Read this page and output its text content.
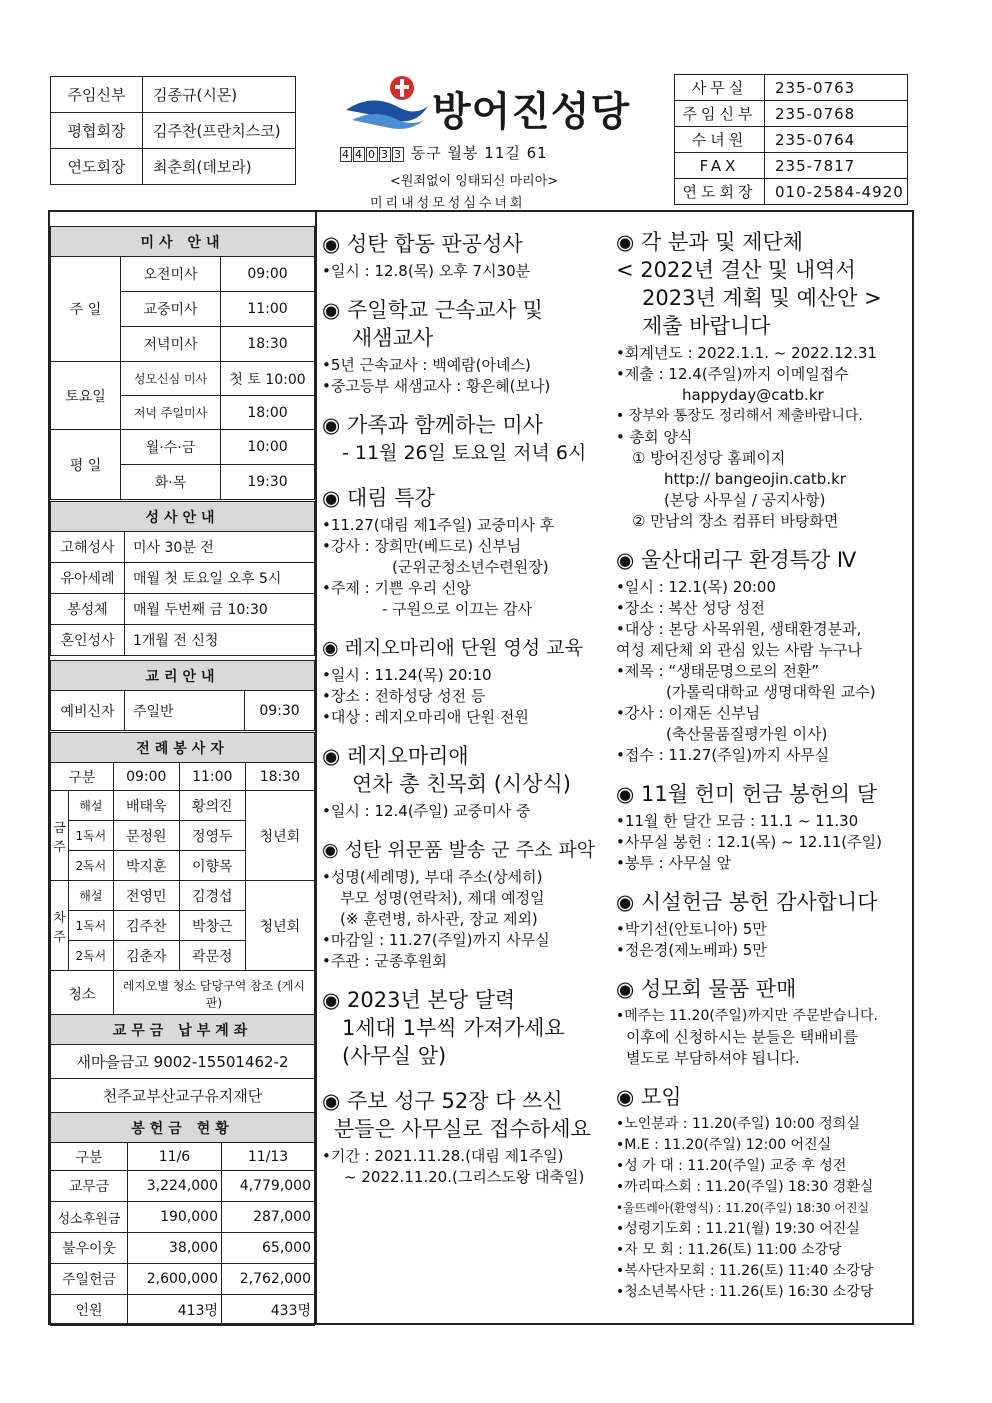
주임신부	김종규(시몬)
평협회장	김주찬(프란치스코)
연도회장	최춘희(데보라)
방어진성당
4 4 0 3 3 동구 월봉 11길 61
<원죄없이 잉태되신 마리아>
미리내성모성심수녀회
사무실	235-0763
주임신부	235-0768
수녀원	235-0764
FAX	235-7817
연도회장	010-2584-4920
미사 안내		
주 일	오전미사	09:00
	교중미사	11:00
	저녁미사	18:30
토요일	성모신심 미사	첫 토 10:00
	저녁 주일미사	18:00
평 일	월·수·금	10:00
	화·목	19:30
성사안내	
고해성사	미사 30분 전
유아세례	매월 첫 토요일 오후 5시
봉성체	매월 두번째 금 10:30
혼인성사	1개월 전 신청
교리안내
예비신자	주일반	09:30
전례봉사자				
구분		09:00	11:00	18:30
금주	해설	배태욱	황의진	청년회
	1독서	문정원	정영두	
	2독서	박지훈	이향목	
차주	해설	전영민	김경섭	청년회
	1독서	김주찬	박창근	
	2독서	김춘자	곽문정	
청소		레지오별 청소 담당구역 참조 (게시판)		
교무금 납부계좌
새마을금고 9002-15501462-2
천주교부산교구유지재단
봉헌금 현황		
구분	11/6	11/13
교무금	3,224,000	4,779,000
성소후원금	190,000	287,000
불우이웃	38,000	65,000
주일헌금	2,600,000	2,762,000
인원	413명	433명

◉ 성탄 합동 판공성사

•일시 : 12.8(목) 오후 7시30분

◉ 주일학교 근속교사 및

새샘교사

•5년 근속교사 : 백예람(아녜스)

•중고등부 새샘교사 : 황은혜(보나)

◉ 가족과 함께하는 미사

- 11월 26일 토요일 저녁 6시

◉ 대림 특강

•11.27(대림 제1주일) 교중미사 후

•강사 : 장희만(베드로) 신부님

(군위군청소년수련원장)

•주제 : 기쁜 우리 신앙

- 구원으로 이끄는 감사

◉ 레지오마리애 단원 영성 교육

•일시 : 11.24(목) 20:10

•장소 : 전하성당 성전 등

•대상 : 레지오마리애 단원 전원

◉ 레지오마리애

연차 총 친목회 (시상식)

•일시 : 12.4(주일) 교중미사 중

◉ 성탄 위문품 발송 군 주소 파악

•성명(세례명), 부대 주소(상세히)

부모 성명(연락처), 제대 예정일

(※ 훈련병, 하사관, 장교 제외)

•마감일 : 11.27(주일)까지 사무실

•주관 : 군종후원회

◉ 2023년 본당 달력

1세대 1부씩 가져가세요

(사무실 앞)

◉ 주보 성구 52장 다 쓰신

분들은 사무실로 접수하세요

•기간 : 2021.11.28.(대림 제1주일)

~ 2022.11.20.(그리스도왕 대축일)

◉ 각 분과 및 제단체

< 2022년 결산 및 내역서

2023년 계획 및 예산안 >

제출 바랍니다

•회계년도 : 2022.1.1. ~ 2022.12.31

•제출 : 12.4(주일)까지 이메일접수

happyday@catb.kr

• 장부와 통장도 정리해서 제출바랍니다.

• 총회 양식

① 방어진성당 홈페이지

http:// bangeojin.catb.kr

(본당 사무실 / 공지사항)

② 만남의 장소 컴퓨터 바탕화면

◉ 울산대리구 환경특강 Ⅳ

•일시 : 12.1(목) 20:00

•장소 : 복산 성당 성전

•대상 : 본당 사목위원, 생태환경분과,

여성 제단체 외 관심 있는 사람 누구나

•제목 : “생태문명으로의 전환”

(가톨릭대학교 생명대학원 교수)

•강사 : 이재돈 신부님

(축산물품질평가원 이사)

•접수 : 11.27(주일)까지 사무실

◉ 11월 헌미 헌금 봉헌의 달

•11월 한 달간 모금 : 11.1 ~ 11.30

•사무실 봉헌 : 12.1(목) ~ 12.11(주일)

•봉투 : 사무실 앞

◉ 시설헌금 봉헌 감사합니다

•박기선(안토니아) 5만

•정은경(제노베파) 5만

◉ 성모회 물품 판매

•메주는 11.20(주일)까지만 주문받습니다.

이후에 신청하시는 분들은 택배비를

별도로 부담하셔야 됩니다.

◉ 모임

•노인분과 : 11.20(주일) 10:00 정희실

•M.E : 11.20(주일) 12:00 어진실

•성 가 대 : 11.20(주일) 교중 후 성전

•까리따스회 : 11.20(주일) 18:30 경환실

•울뜨레아(환영식) : 11.20(주일) 18:30 어진실

•성령기도회 : 11.21(월) 19:30 어진실

•자 모 회 : 11.26(토) 11:00 소강당

•복사단자모회 : 11.26(토) 11:40 소강당

•청소년복사단 : 11.26(토) 16:30 소강당
